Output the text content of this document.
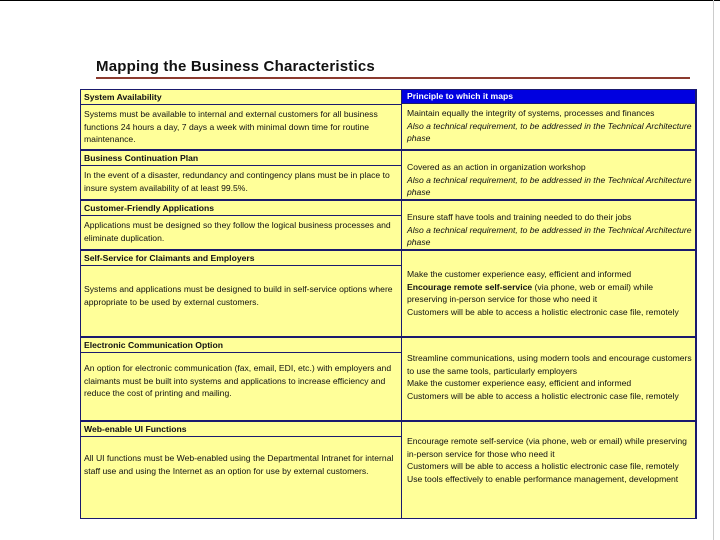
Mapping the Business Characteristics
System Availability
Systems must be available to internal and external customers for all business functions 24 hours a day, 7 days a week with minimal down time for routine maintenance.
Principle to which it maps
Maintain equally the integrity of systems, processes and finances
Also a technical requirement, to be addressed in the Technical Architecture phase
Business Continuation Plan
In the event of a disaster, redundancy and contingency plans must be in place to insure system availability of at least 99.5%.
Covered as an action in organization workshop
Also a technical requirement, to be addressed in the Technical Architecture phase
Customer-Friendly Applications
Applications must be designed so they follow the logical business processes and eliminate duplication.
Ensure staff have tools and training needed to do their jobs
Also a technical requirement, to be addressed in the Technical Architecture phase
Self-Service for Claimants and Employers
Systems and applications must be designed to build in self-service options where appropriate to be used by external customers.
Make the customer experience easy, efficient and informed
Encourage remote self-service (via phone, web or email) while preserving in-person service for those who need it
Customers will be able to access a holistic electronic case file, remotely
Electronic Communication Option
An option for electronic communication (fax, email, EDI, etc.) with employers and claimants must be built into systems and applications to increase efficiency and reduce the cost of printing and mailing.
Streamline communications, using modern tools and encourage customers to use the same tools, particularly employers
Make the customer experience easy, efficient and informed
Customers will be able to access a holistic electronic case file, remotely
Web-enable UI Functions
All UI functions must be Web-enabled using the Departmental Intranet for internal staff use and using the Internet as an option for use by external customers.
Encourage remote self-service (via phone, web or email) while preserving in-person service for those who need it
Customers will be able to access a holistic electronic case file, remotely
Use tools effectively to enable performance management, development
